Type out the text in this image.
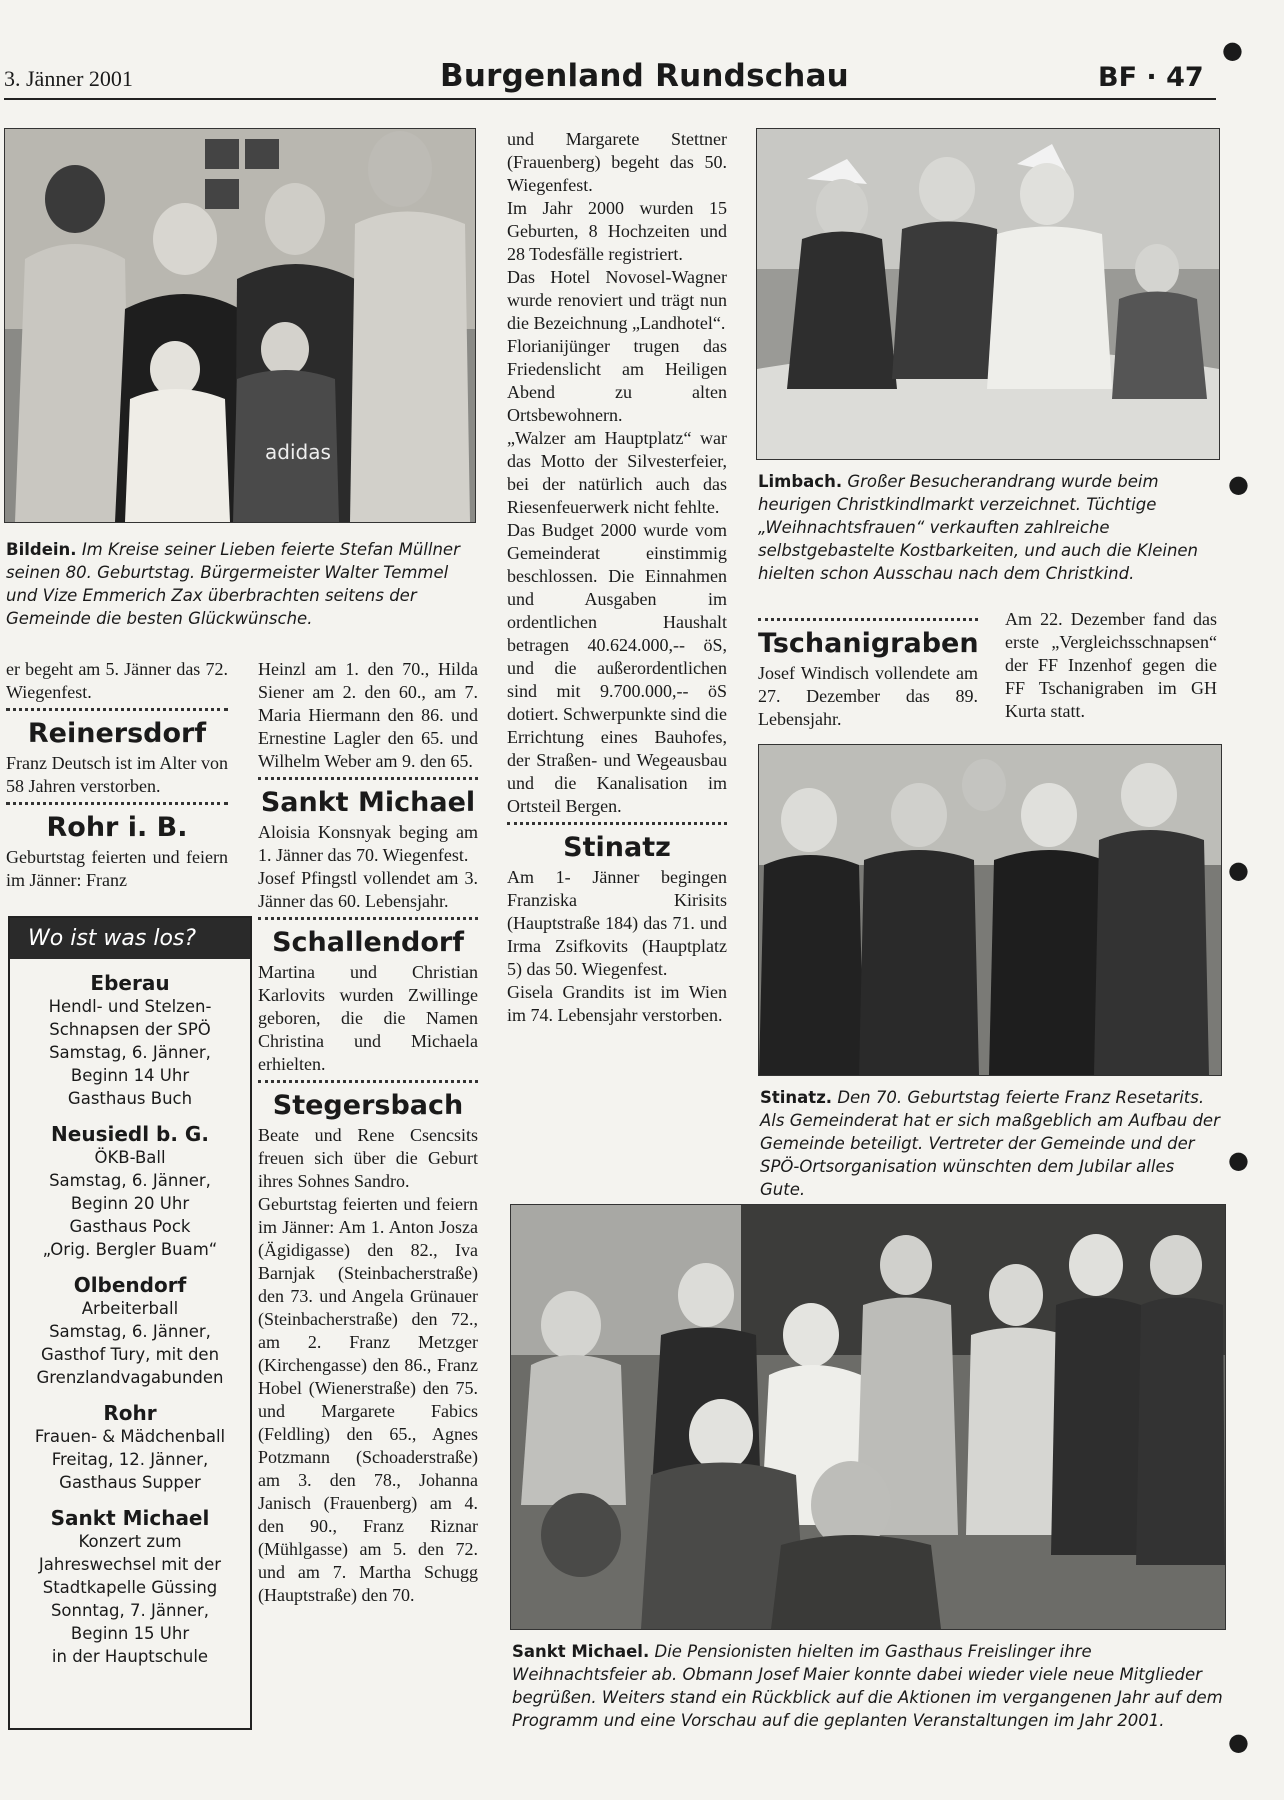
3. Jänner 2001	Burgenland Rundschau	BF · 47
●
adidas
Bildein. Im Kreise seiner Lieben feierte Stefan Müllner seinen 80. Geburtstag. Bürgermeister Walter Temmel und Vize Emmerich Zax überbrachten seitens der Gemeinde die besten Glückwünsche.

er begeht am 5. Jänner das 72. Wiegenfest.

Reinersdorf

Franz Deutsch ist im Alter von 58 Jahren verstorben.

Rohr i. B.

Geburtstag feierten und feiern im Jänner: Franz

Wo ist was los?
Eberau
Hendl- und Stelzen-
Schnapsen der SPÖ
Samstag, 6. Jänner,
Beginn 14 Uhr
Gasthaus Buch
Neusiedl b. G.
ÖKB-Ball
Samstag, 6. Jänner,
Beginn 20 Uhr
Gasthaus Pock
„Orig. Bergler Buam“
Olbendorf
Arbeiterball
Samstag, 6. Jänner,
Gasthof Tury, mit den
Grenzlandvagabunden
Rohr
Frauen- & Mädchenball
Freitag, 12. Jänner,
Gasthaus Supper
Sankt Michael
Konzert zum
Jahreswechsel mit der
Stadtkapelle Güssing
Sonntag, 7. Jänner,
Beginn 15 Uhr
in der Hauptschule

Heinzl am 1. den 70., Hilda Siener am 2. den 60., am 7. Maria Hiermann den 86. und Ernestine Lagler den 65. und Wilhelm Weber am 9. den 65.

Sankt Michael

Aloisia Konsnyak beging am 1. Jänner das 70. Wiegenfest.

Josef Pfingstl vollendet am 3. Jänner das 60. Lebensjahr.

Schallendorf

Martina und Christian Karlovits wurden Zwillinge geboren, die die Namen Christina und Michaela erhielten.

Stegersbach

Beate und Rene Csencsits freuen sich über die Geburt ihres Sohnes Sandro.

Geburtstag feierten und feiern im Jänner: Am 1. Anton Josza (Ägidigasse) den 82., Iva Barnjak (Steinbacherstraße) den 73. und Angela Grünauer (Steinbacherstraße) den 72., am 2. Franz Metzger (Kirchengasse) den 86., Franz Hobel (Wienerstraße) den 75. und Margarete Fabics (Feldling) den 65., Agnes Potzmann (Schoaderstraße) am 3. den 78., Johanna Janisch (Frauenberg) am 4. den 90., Franz Riznar (Mühlgasse) am 5. den 72. und am 7. Martha Schugg (Hauptstraße) den 70.

und Margarete Stettner (Frauenberg) begeht das 50. Wiegenfest.

Im Jahr 2000 wurden 15 Geburten, 8 Hochzeiten und 28 Todesfälle registriert.

Das Hotel Novosel-Wagner wurde renoviert und trägt nun die Bezeichnung „Landhotel“.

Florianijünger trugen das Friedenslicht am Heiligen Abend zu alten Ortsbewohnern.

„Walzer am Hauptplatz“ war das Motto der Silvesterfeier, bei der natürlich auch das Riesenfeuerwerk nicht fehlte.

Das Budget 2000 wurde vom Gemeinderat einstimmig beschlossen. Die Einnahmen und Ausgaben im ordentlichen Haushalt betragen 40.624.000,-- öS, und die außerordentlichen sind mit 9.700.000,-- öS dotiert. Schwerpunkte sind die Errichtung eines Bauhofes, der Straßen- und Wegeausbau und die Kanalisation im Ortsteil Bergen.

Stinatz

Am 1- Jänner begingen Franziska Kirisits (Hauptstraße 184) das 71. und Irma Zsifkovits (Hauptplatz 5) das 50. Wiegenfest.

Gisela Grandits ist im Wien im 74. Lebensjahr verstorben.

Limbach. Großer Besucherandrang wurde beim heurigen Christkindlmarkt verzeichnet. Tüchtige „Weihnachtsfrauen“ verkauften zahlreiche selbstgebastelte Kostbarkeiten, und auch die Kleinen hielten schon Ausschau nach dem Christkind.
Tschanigraben

Josef Windisch vollendete am 27. Dezember das 89. Lebensjahr.

Am 22. Dezember fand das erste „Vergleichsschnapsen“ der FF Inzenhof gegen die FF Tschanigraben im GH Kurta statt.

Stinatz. Den 70. Geburtstag feierte Franz Resetarits. Als Gemeinderat hat er sich maßgeblich am Aufbau der Gemeinde beteiligt. Vertreter der Gemeinde und der SPÖ-Ortsorganisation wünschten dem Jubilar alles Gute.
Sankt Michael. Die Pensionisten hielten im Gasthaus Freislinger ihre Weihnachtsfeier ab. Obmann Josef Maier konnte dabei wieder viele neue Mitglieder begrüßen. Weiters stand ein Rückblick auf die Aktionen im vergangenen Jahr auf dem Programm und eine Vorschau auf die geplanten Veranstaltungen im Jahr 2001.
●
●
●
●
